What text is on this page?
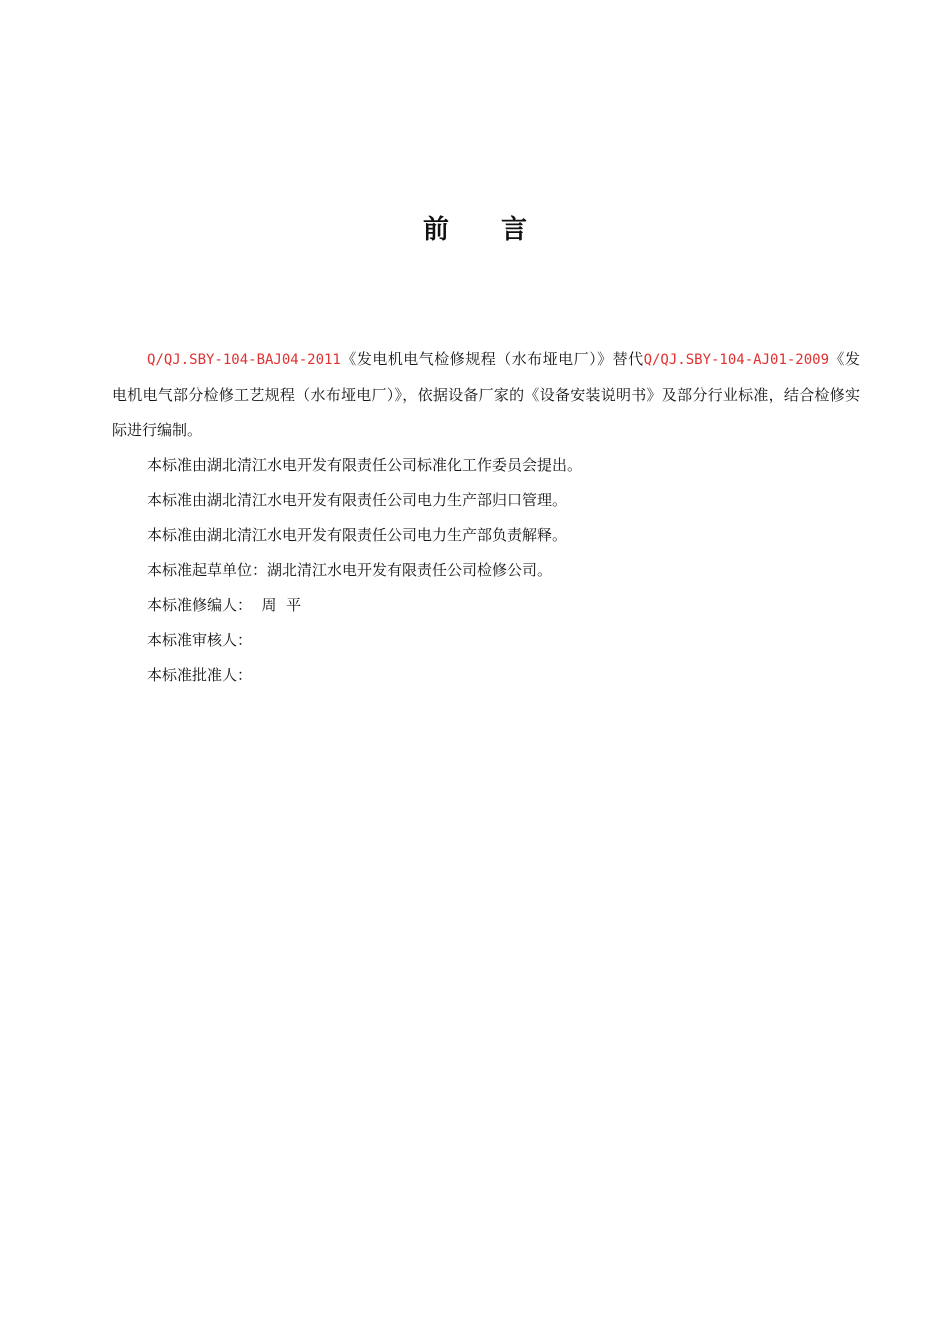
前 言

Q/QJ.SBY-104-BAJ04-2011《发电机电气检修规程（水布垭电厂）》替代Q/QJ.SBY-104-AJ01-2009《发电机电气部分检修工艺规程（水布垭电厂）》，依据设备厂家的《设备安装说明书》及部分行业标准，结合检修实际进行编制。

本标准由湖北清江水电开发有限责任公司标准化工作委员会提出。

本标准由湖北清江水电开发有限责任公司电力生产部归口管理。

本标准由湖北清江水电开发有限责任公司电力生产部负责解释。

本标准起草单位：湖北清江水电开发有限责任公司检修公司。

本标准修编人：  周  平

本标准审核人：

本标准批准人：
